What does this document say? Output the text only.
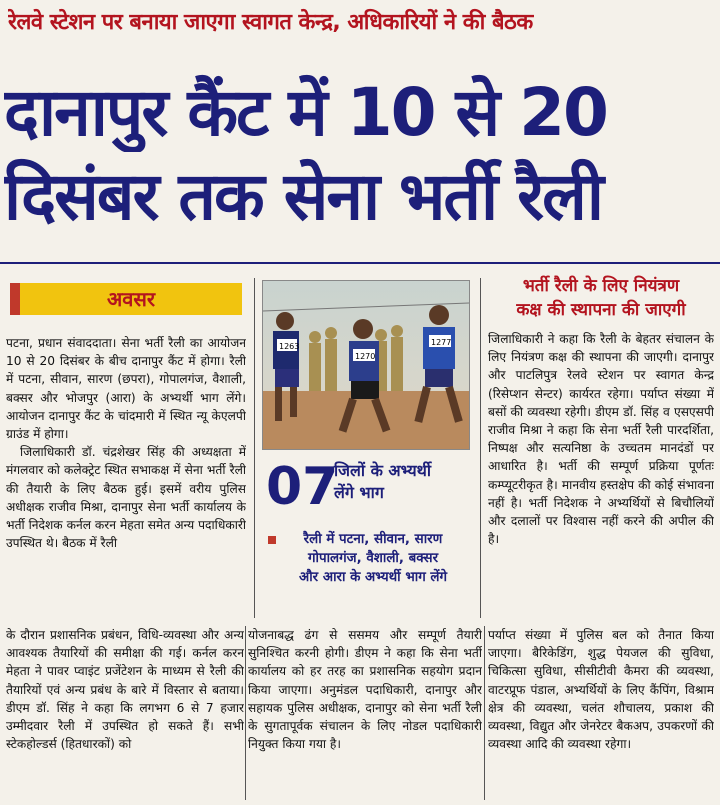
रेलवे स्टेशन पर बनाया जाएगा स्वागत केन्द्र, अधिकारियों ने की बैठक
दानापुर कैंट में 10 से 20
दिसंबर तक सेना भर्ती रैली
अवसर

पटना, प्रधान संवाददाता। सेना भर्ती रैली का आयोजन 10 से 20 दिसंबर के बीच दानापुर कैंट में होगा। रैली में पटना, सीवान, सारण (छपरा), गोपालगंज, वैशाली, बक्सर और भोजपुर (आरा) के अभ्यर्थी भाग लेंगे। आयोजन दानापुर कैंट के चांदमारी में स्थित न्यू केएलपी ग्राउंड में होगा।

जिलाधिकारी डॉ. चंद्रशेखर सिंह की अध्यक्षता में मंगलवार को कलेक्ट्रेट स्थित सभाकक्ष में सेना भर्ती रैली की तैयारी के लिए बैठक हुई। इसमें वरीय पुलिस अधीक्षक राजीव मिश्रा, दानापुर सेना भर्ती कार्यालय के भर्ती निदेशक कर्नल करन मेहता समेत अन्य पदाधिकारी उपस्थित थे। बैठक में रैली

1263
1270
1277
07
जिलों के अभ्यर्थी
लेंगे भाग
रैली में पटना, सीवान, सारण
गोपालगंज, वैशाली, बक्सर
और आरा के अभ्यर्थी भाग लेंगे
भर्ती रैली के लिए नियंत्रण
कक्ष की स्थापना की जाएगी

जिलाधिकारी ने कहा कि रैली के बेहतर संचालन के लिए नियंत्रण कक्ष की स्थापना की जाएगी। दानापुर और पाटलिपुत्र रेलवे स्टेशन पर स्वागत केन्द्र (रिसेप्शन सेन्टर) कार्यरत रहेगा। पर्याप्त संख्या में बसों की व्यवस्था रहेगी। डीएम डॉ. सिंह व एसएसपी राजीव मिश्रा ने कहा कि सेना भर्ती रैली पारदर्शिता, निष्पक्ष और सत्यनिष्ठा के उच्चतम मानदंडों पर आधारित है। भर्ती की सम्पूर्ण प्रक्रिया पूर्णतः कम्प्यूटरीकृत है। मानवीय हस्तक्षेप की कोई संभावना नहीं है। भर्ती निदेशक ने अभ्यर्थियों से बिचौलियों और दलालों पर विश्वास नहीं करने की अपील की है।

के दौरान प्रशासनिक प्रबंधन, विधि-व्यवस्था और अन्य आवश्यक तैयारियों की समीक्षा की गई। कर्नल करन मेहता ने पावर प्वाइंट प्रजेंटेशन के माध्यम से रैली की तैयारियों एवं अन्य प्रबंध के बारे में विस्तार से बताया। डीएम डॉ. सिंह ने कहा कि लगभग 6 से 7 हजार उम्मीदवार रैली में उपस्थित हो सकते हैं। सभी स्टेकहोल्डर्स (हितधारकों) को
योजनाबद्ध ढंग से ससमय और सम्पूर्ण तैयारी सुनिश्चित करनी होगी। डीएम ने कहा कि सेना भर्ती कार्यालय को हर तरह का प्रशासनिक सहयोग प्रदान किया जाएगा। अनुमंडल पदाधिकारी, दानापुर और सहायक पुलिस अधीक्षक, दानापुर को सेना भर्ती रैली के सुगतापूर्वक संचालन के लिए नोडल पदाधिकारी नियुक्त किया गया है।
पर्याप्त संख्या में पुलिस बल को तैनात किया जाएगा। बैरिकेडिंग, शुद्ध पेयजल की सुविधा, चिकित्सा सुविधा, सीसीटीवी कैमरा की व्यवस्था, वाटरप्रूफ पंडाल, अभ्यर्थियों के लिए कैंपिंग, विश्राम क्षेत्र की व्यवस्था, चलंत शौचालय, प्रकाश की व्यवस्था, विद्युत और जेनरेटर बैकअप, उपकरणों की व्यवस्था आदि की व्यवस्था रहेगा।
